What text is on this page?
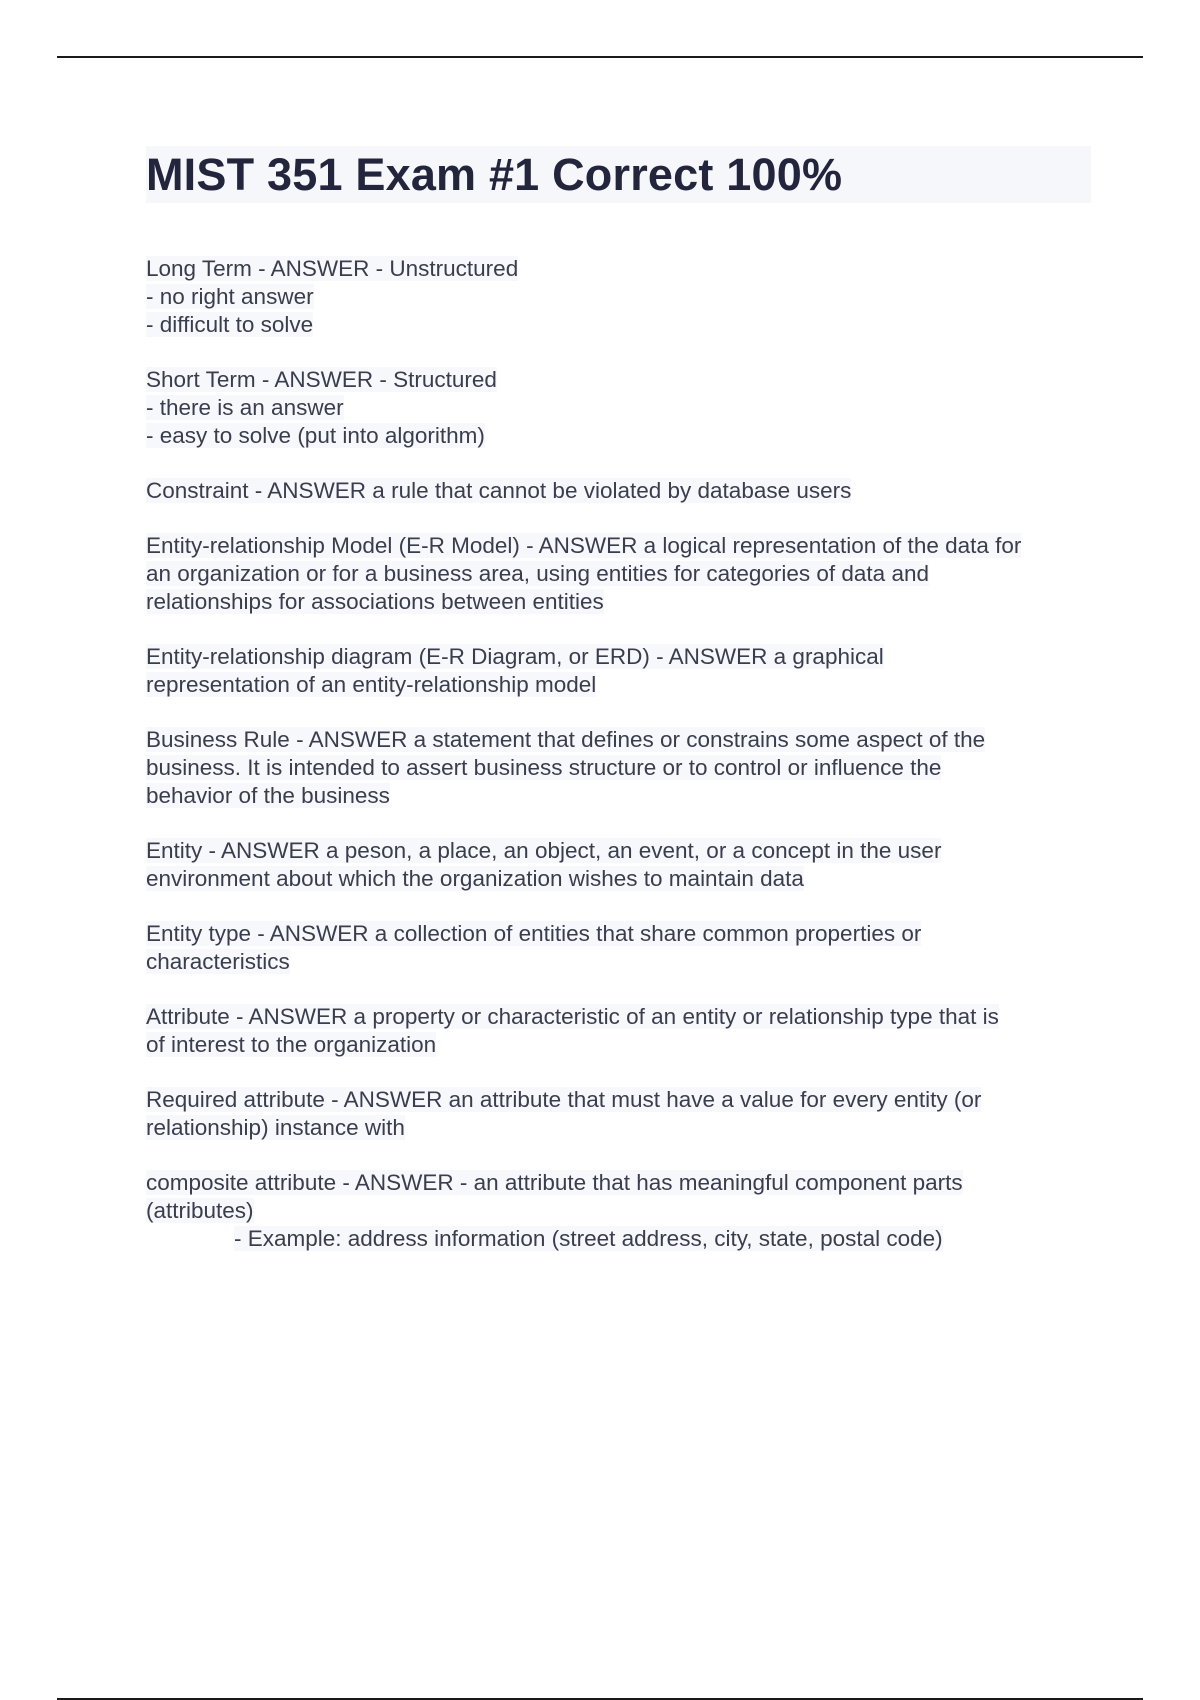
MIST 351 Exam #1 Correct 100%

Long Term - ANSWER - Unstructured
- no right answer
- difficult to solve

Short Term - ANSWER - Structured
- there is an answer
- easy to solve (put into algorithm)

Constraint - ANSWER a rule that cannot be violated by database users

Entity-relationship Model (E-R Model) - ANSWER a logical representation of the data for
an organization or for a business area, using entities for categories of data and
relationships for associations between entities

Entity-relationship diagram (E-R Diagram, or ERD) - ANSWER a graphical
representation of an entity-relationship model

Business Rule - ANSWER a statement that defines or constrains some aspect of the
business. It is intended to assert business structure or to control or influence the
behavior of the business

Entity - ANSWER a peson, a place, an object, an event, or a concept in the user
environment about which the organization wishes to maintain data

Entity type - ANSWER a collection of entities that share common properties or
characteristics

Attribute - ANSWER a property or characteristic of an entity or relationship type that is
of interest to the organization

Required attribute - ANSWER an attribute that must have a value for every entity (or
relationship) instance with

composite attribute - ANSWER - an attribute that has meaningful component parts
(attributes)
- Example: address information (street address, city, state, postal code)
